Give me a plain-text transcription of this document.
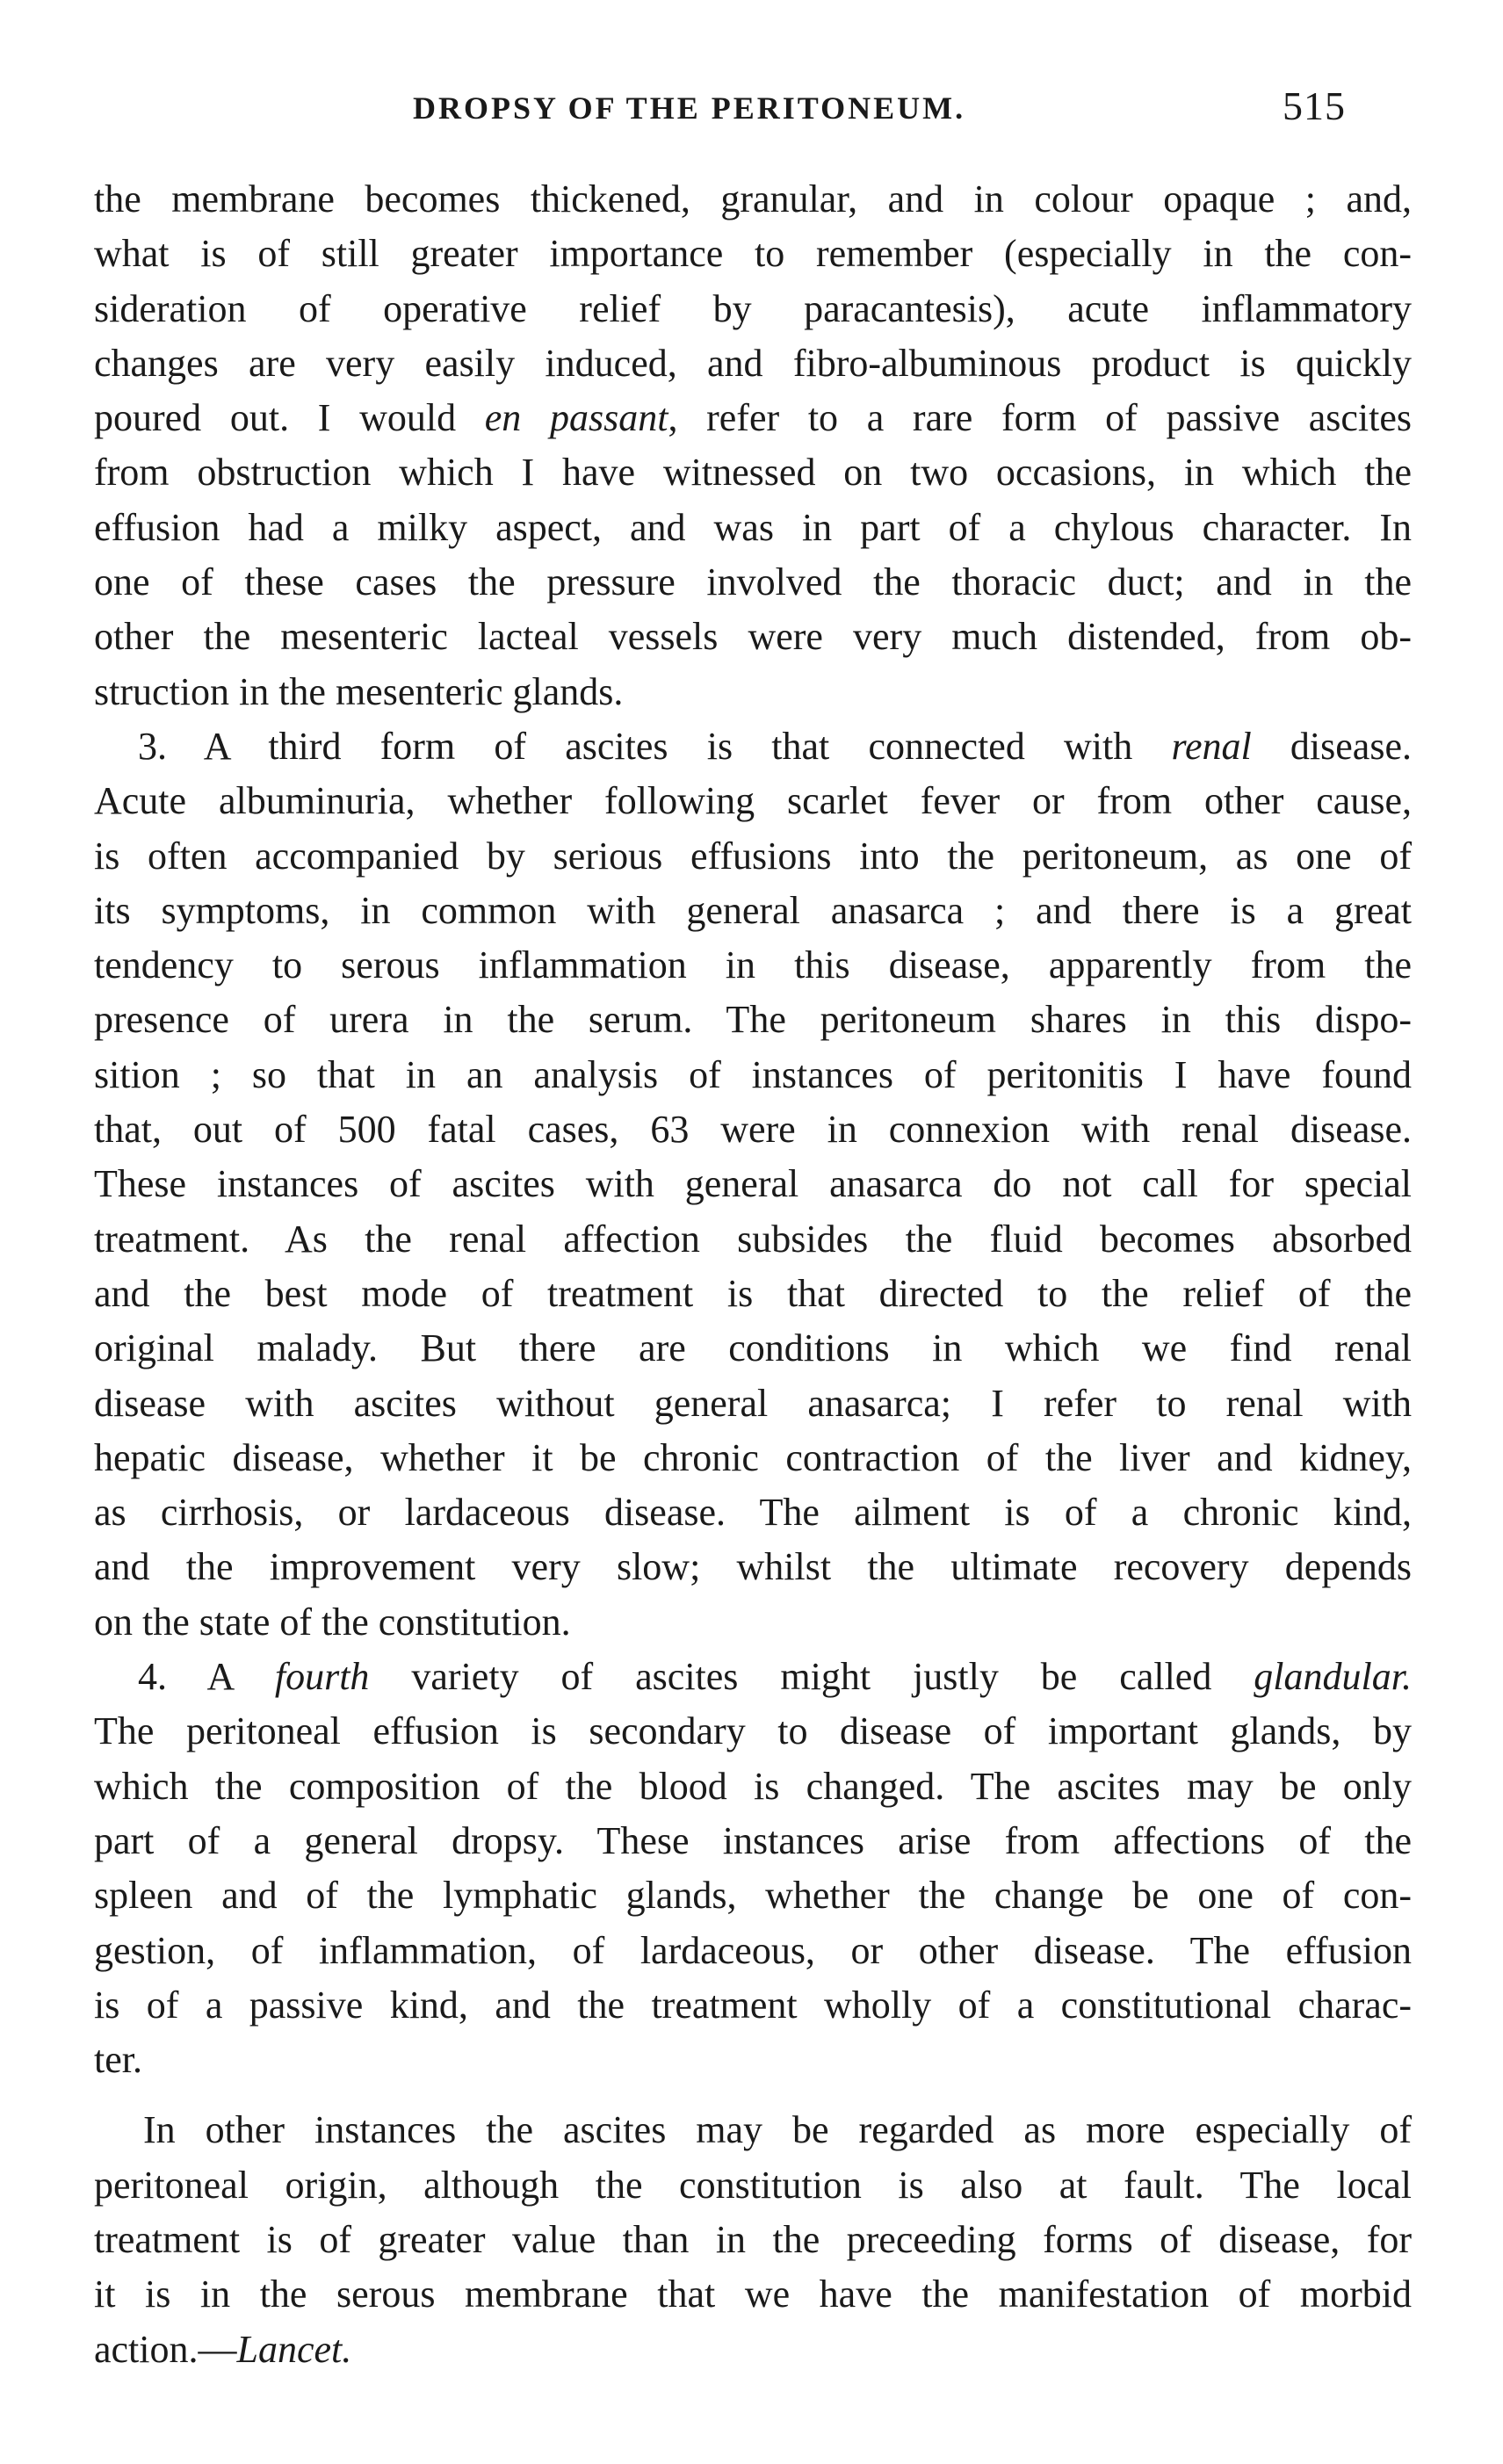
DROPSY OF THE PERITONEUM.	515
the membrane becomes thickened, granular, and in colour opaque ; and,
what is of still greater importance to remember (especially in the con-
sideration of operative relief by paracantesis), acute inflammatory
changes are very easily induced, and fibro-albuminous product is quickly
poured out. I would en passant, refer to a rare form of passive ascites
from obstruction which I have witnessed on two occasions, in which the
effusion had a milky aspect, and was in part of a chylous character. In
one of these cases the pressure involved the thoracic duct; and in the
other the mesenteric lacteal vessels were very much distended, from ob-
struction in the mesenteric glands.
3. A third form of ascites is that connected with renal disease.
Acute albuminuria, whether following scarlet fever or from other cause,
is often accompanied by serious effusions into the peritoneum, as one of
its symptoms, in common with general anasarca ; and there is a great
tendency to serous inflammation in this disease, apparently from the
presence of urera in the serum. The peritoneum shares in this dispo-
sition ; so that in an analysis of instances of peritonitis I have found
that, out of 500 fatal cases, 63 were in connexion with renal disease.
These instances of ascites with general anasarca do not call for special
treatment. As the renal affection subsides the fluid becomes absorbed
and the best mode of treatment is that directed to the relief of the
original malady. But there are conditions in which we find renal
disease with ascites without general anasarca; I refer to renal with
hepatic disease, whether it be chronic contraction of the liver and kidney,
as cirrhosis, or lardaceous disease. The ailment is of a chronic kind,
and the improvement very slow; whilst the ultimate recovery depends
on the state of the constitution.
4. A fourth variety of ascites might justly be called glandular.
The peritoneal effusion is secondary to disease of important glands, by
which the composition of the blood is changed. The ascites may be only
part of a general dropsy. These instances arise from affections of the
spleen and of the lymphatic glands, whether the change be one of con-
gestion, of inflammation, of lardaceous, or other disease. The effusion
is of a passive kind, and the treatment wholly of a constitutional charac-
ter.
In other instances the ascites may be regarded as more especially of
peritoneal origin, although the constitution is also at fault. The local
treatment is of greater value than in the preceeding forms of disease, for
it is in the serous membrane that we have the manifestation of morbid
action.—Lancet.
